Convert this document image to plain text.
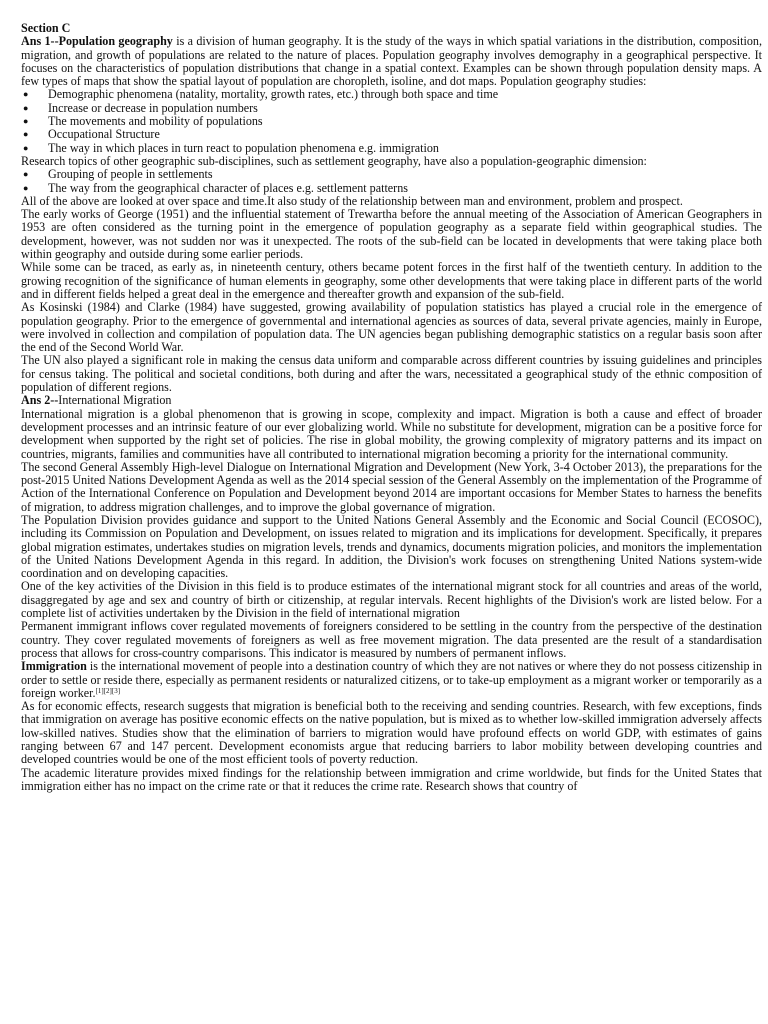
Section C

Ans 1--Population geography is a division of human geography. It is the study of the ways in which spatial variations in the distribution, composition, migration, and growth of populations are related to the nature of places. Population geography involves demography in a geographical perspective. It focuses on the characteristics of population distributions that change in a spatial context. Examples can be shown through population density maps. A few types of maps that show the spatial layout of population are choropleth, isoline, and dot maps. Population geography studies:

● Demographic phenomena (natality, mortality, growth rates, etc.) through both space and time
● Increase or decrease in population numbers
● The movements and mobility of populations
● Occupational Structure
● The way in which places in turn react to population phenomena e.g. immigration

Research topics of other geographic sub-disciplines, such as settlement geography, have also a population-geographic dimension:

● Grouping of people in settlements
● The way from the geographical character of places e.g. settlement patterns

All of the above are looked at over space and time.It also study of the relationship between man and environment, problem and prospect.

The early works of George (1951) and the influential statement of Trewartha before the annual meeting of the Association of American Geographers in 1953 are often considered as the turning point in the emergence of population geography as a separate field within geographical studies. The development, however, was not sudden nor was it unexpected. The roots of the sub-field can be located in developments that were taking place both within geography and outside during some earlier periods.

While some can be traced, as early as, in nineteenth century, others became potent forces in the first half of the twentieth century. In addition to the growing recognition of the significance of human elements in geography, some other developments that were taking place in different parts of the world and in different fields helped a great deal in the emergence and thereafter growth and expansion of the sub-field.

As Kosinski (1984) and Clarke (1984) have suggested, growing availability of population statistics has played a crucial role in the emergence of population geography. Prior to the emergence of governmental and international agencies as sources of data, several private agencies, mainly in Europe, were involved in collection and compilation of population data. The UN agencies began publishing demographic statistics on a regular basis soon after the end of the Second World War.

The UN also played a significant role in making the census data uniform and comparable across different countries by issuing guidelines and principles for census taking. The political and societal conditions, both during and after the wars, necessitated a geographical study of the ethnic composition of population of different regions.

Ans 2--International Migration

International migration is a global phenomenon that is growing in scope, complexity and impact. Migration is both a cause and effect of broader development processes and an intrinsic feature of our ever globalizing world. While no substitute for development, migration can be a positive force for development when supported by the right set of policies. The rise in global mobility, the growing complexity of migratory patterns and its impact on countries, migrants, families and communities have all contributed to international migration becoming a priority for the international community.

The second General Assembly High-level Dialogue on International Migration and Development (New York, 3-4 October 2013), the preparations for the post-2015 United Nations Development Agenda as well as the 2014 special session of the General Assembly on the implementation of the Programme of Action of the International Conference on Population and Development beyond 2014 are important occasions for Member States to harness the benefits of migration, to address migration challenges, and to improve the global governance of migration.

The Population Division provides guidance and support to the United Nations General Assembly and the Economic and Social Council (ECOSOC), including its Commission on Population and Development, on issues related to migration and its implications for development. Specifically, it prepares global migration estimates, undertakes studies on migration levels, trends and dynamics, documents migration policies, and monitors the implementation of the United Nations Development Agenda in this regard. In addition, the Division's work focuses on strengthening United Nations system-wide coordination and on developing capacities.

One of the key activities of the Division in this field is to produce estimates of the international migrant stock for all countries and areas of the world, disaggregated by age and sex and country of birth or citizenship, at regular intervals. Recent highlights of the Division's work are listed below. For a complete list of activities undertaken by the Division in the field of international migration

Permanent immigrant inflows cover regulated movements of foreigners considered to be settling in the country from the perspective of the destination country. They cover regulated movements of foreigners as well as free movement migration. The data presented are the result of a standardisation process that allows for cross-country comparisons. This indicator is measured by numbers of permanent inflows.

Immigration is the international movement of people into a destination country of which they are not natives or where they do not possess citizenship in order to settle or reside there, especially as permanent residents or naturalized citizens, or to take-up employment as a migrant worker or temporarily as a foreign worker.[1][2][3]

As for economic effects, research suggests that migration is beneficial both to the receiving and sending countries. Research, with few exceptions, finds that immigration on average has positive economic effects on the native population, but is mixed as to whether low-skilled immigration adversely affects low-skilled natives. Studies show that the elimination of barriers to migration would have profound effects on world GDP, with estimates of gains ranging between 67 and 147 percent. Development economists argue that reducing barriers to labor mobility between developing countries and developed countries would be one of the most efficient tools of poverty reduction.

The academic literature provides mixed findings for the relationship between immigration and crime worldwide, but finds for the United States that immigration either has no impact on the crime rate or that it reduces the crime rate. Research shows that country of
